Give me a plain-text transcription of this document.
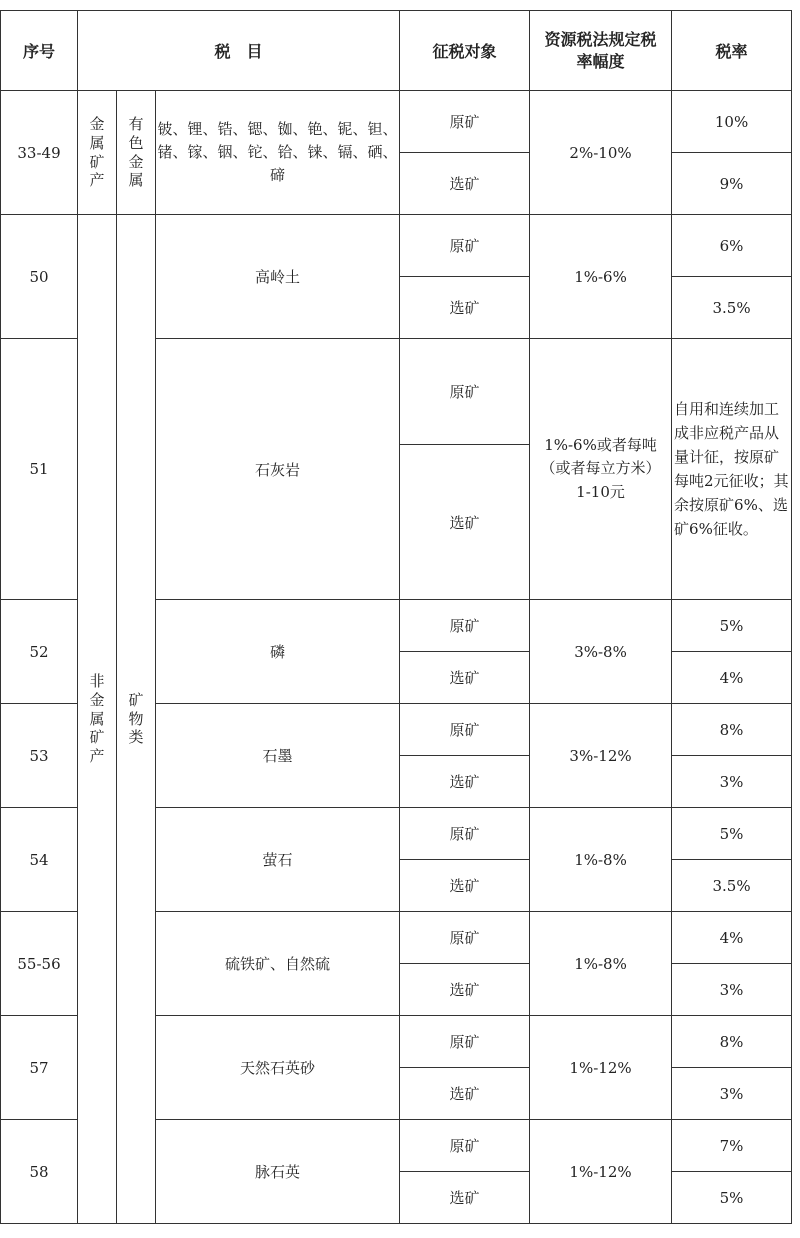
序号	税　目			征税对象	资源税法规定税率幅度	税率
33-49	金属矿产	有色金属	铍、锂、锆、锶、铷、铯、铌、钽、锗、镓、铟、铊、铪、铼、镉、硒、碲	原矿	2%-10%	10%
				选矿		9%
50	非金属矿产	矿物类	高岭土	原矿	1%-6%	6%
				选矿		3.5%
51			石灰岩	原矿	1%-6%或者每吨（或者每立方米）1-10元	自用和连续加工成非应税产品从量计征，按原矿每吨2元征收；其余按原矿6%、选矿6%征收。
				选矿		
52			磷	原矿	3%-8%	5%
				选矿		4%
53			石墨	原矿	3%-12%	8%
				选矿		3%
54			萤石	原矿	1%-8%	5%
				选矿		3.5%
55-56			硫铁矿、自然硫	原矿	1%-8%	4%
				选矿		3%
57			天然石英砂	原矿	1%-12%	8%
				选矿		3%
58			脉石英	原矿	1%-12%	7%
				选矿		5%
